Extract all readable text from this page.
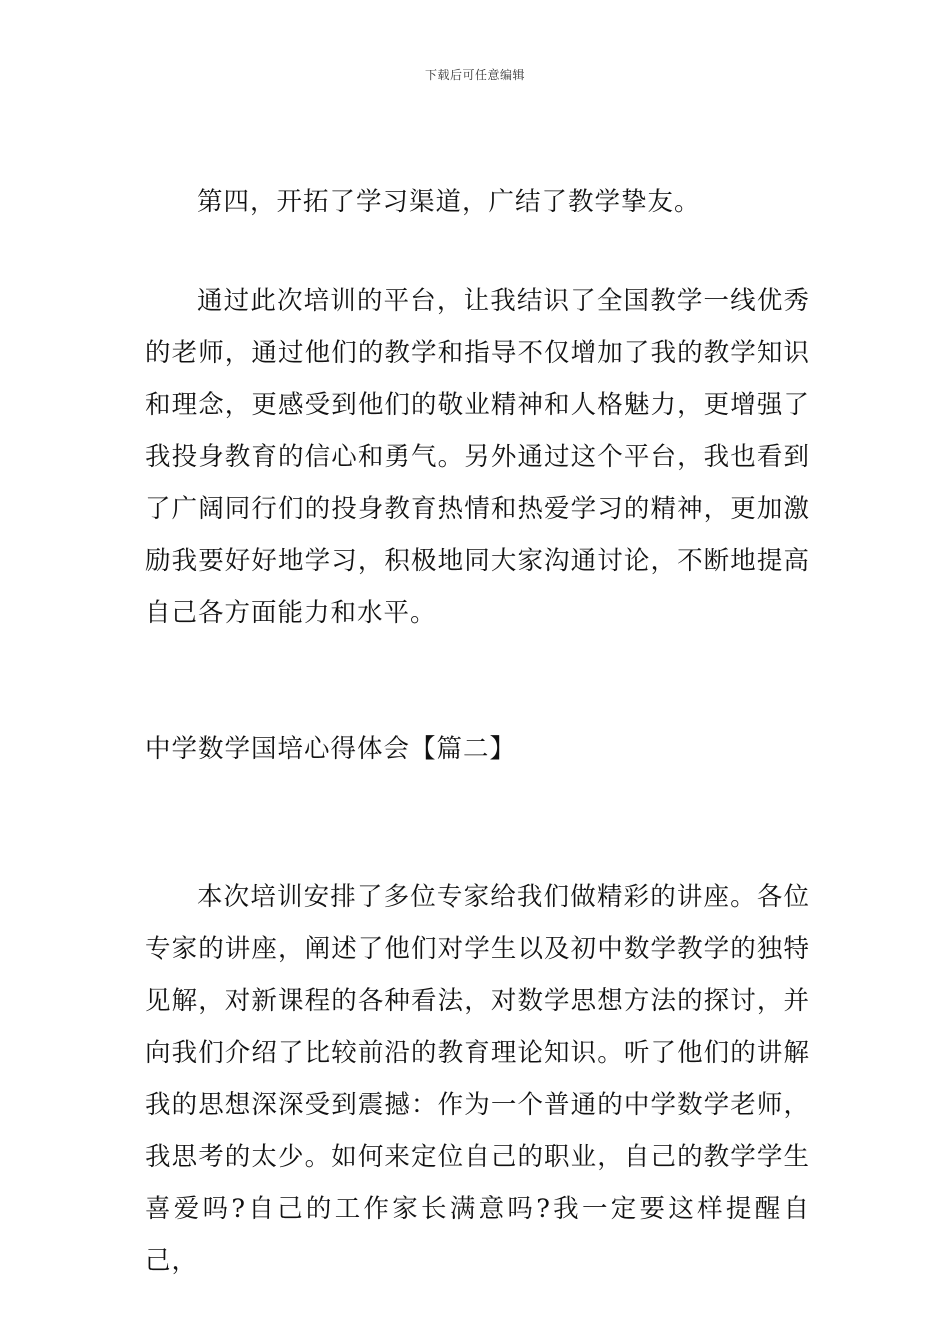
下载后可任意编辑

第四，开拓了学习渠道，广结了教学挚友。

通过此次培训的平台，让我结识了全国教学一线优秀的老师，通过他们的教学和指导不仅增加了我的教学知识和理念，更感受到他们的敬业精神和人格魅力，更增强了我投身教育的信心和勇气。另外通过这个平台，我也看到了广阔同行们的投身教育热情和热爱学习的精神，更加激励我要好好地学习，积极地同大家沟通讨论，不断地提高自己各方面能力和水平。

中学数学国培心得体会【篇二】

本次培训安排了多位专家给我们做精彩的讲座。各位专家的讲座，阐述了他们对学生以及初中数学教学的独特见解，对新课程的各种看法，对数学思想方法的探讨，并向我们介绍了比较前沿的教育理论知识。听了他们的讲解我的思想深深受到震撼：作为一个普通的中学数学老师，我思考的太少。如何来定位自己的职业，自己的教学学生喜爱吗?自己的工作家长满意吗?我一定要这样提醒自己，
